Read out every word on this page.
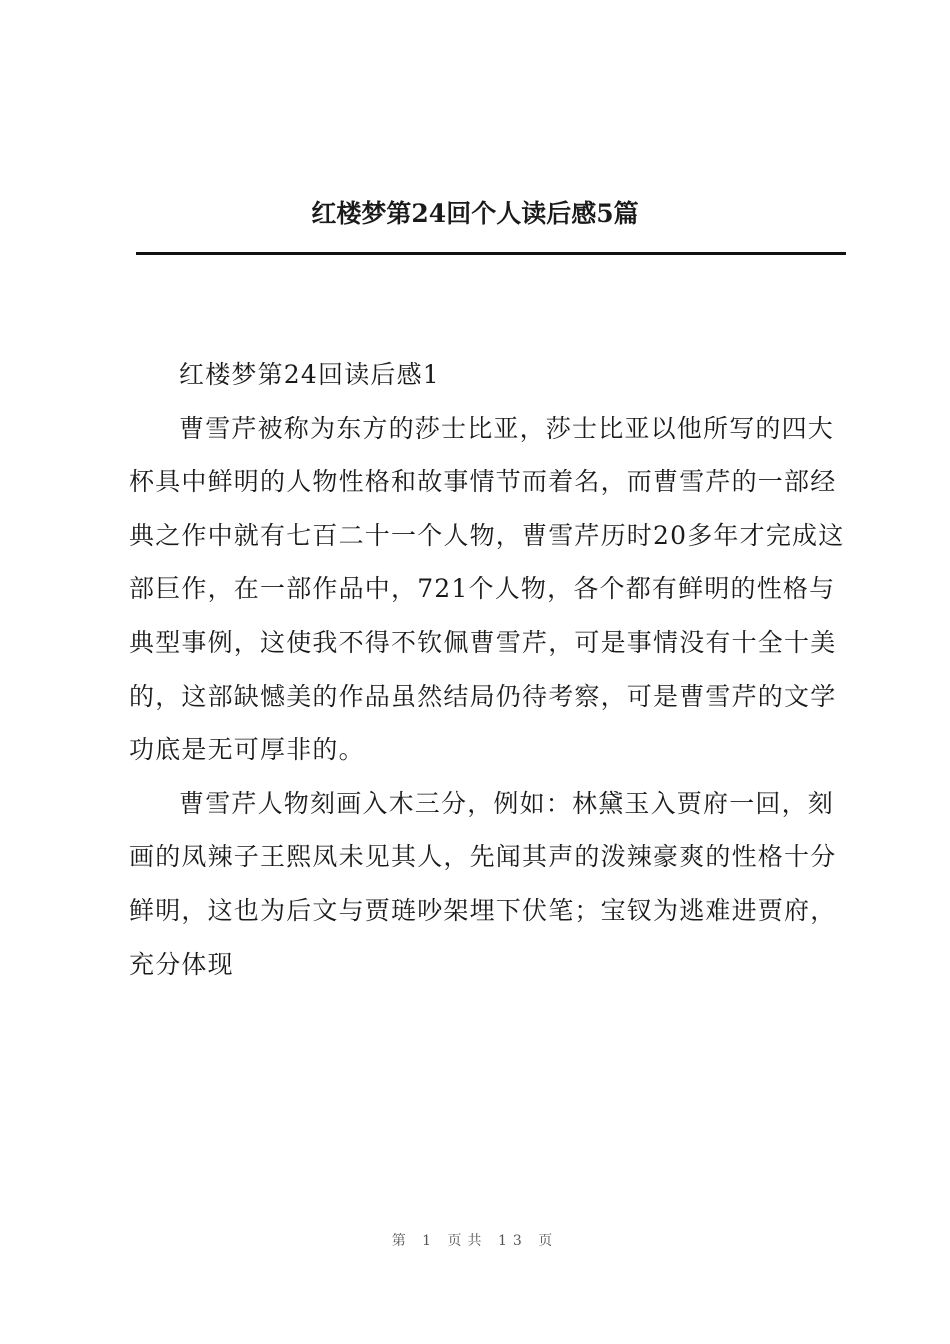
红楼梦第24回个人读后感5篇
红楼梦第24回读后感1

曹雪芹被称为东方的莎士比亚，莎士比亚以他所写的四大杯具中鲜明的人物性格和故事情节而着名，而曹雪芹的一部经典之作中就有七百二十一个人物，曹雪芹历时20多年才完成这部巨作，在一部作品中，721个人物，各个都有鲜明的性格与典型事例，这使我不得不钦佩曹雪芹，可是事情没有十全十美的，这部缺憾美的作品虽然结局仍待考察，可是曹雪芹的文学功底是无可厚非的。

曹雪芹人物刻画入木三分，例如：林黛玉入贾府一回，刻画的凤辣子王熙凤未见其人，先闻其声的泼辣豪爽的性格十分鲜明，这也为后文与贾琏吵架埋下伏笔；宝钗为逃难进贾府，充分体现

第 1 页共 13 页
